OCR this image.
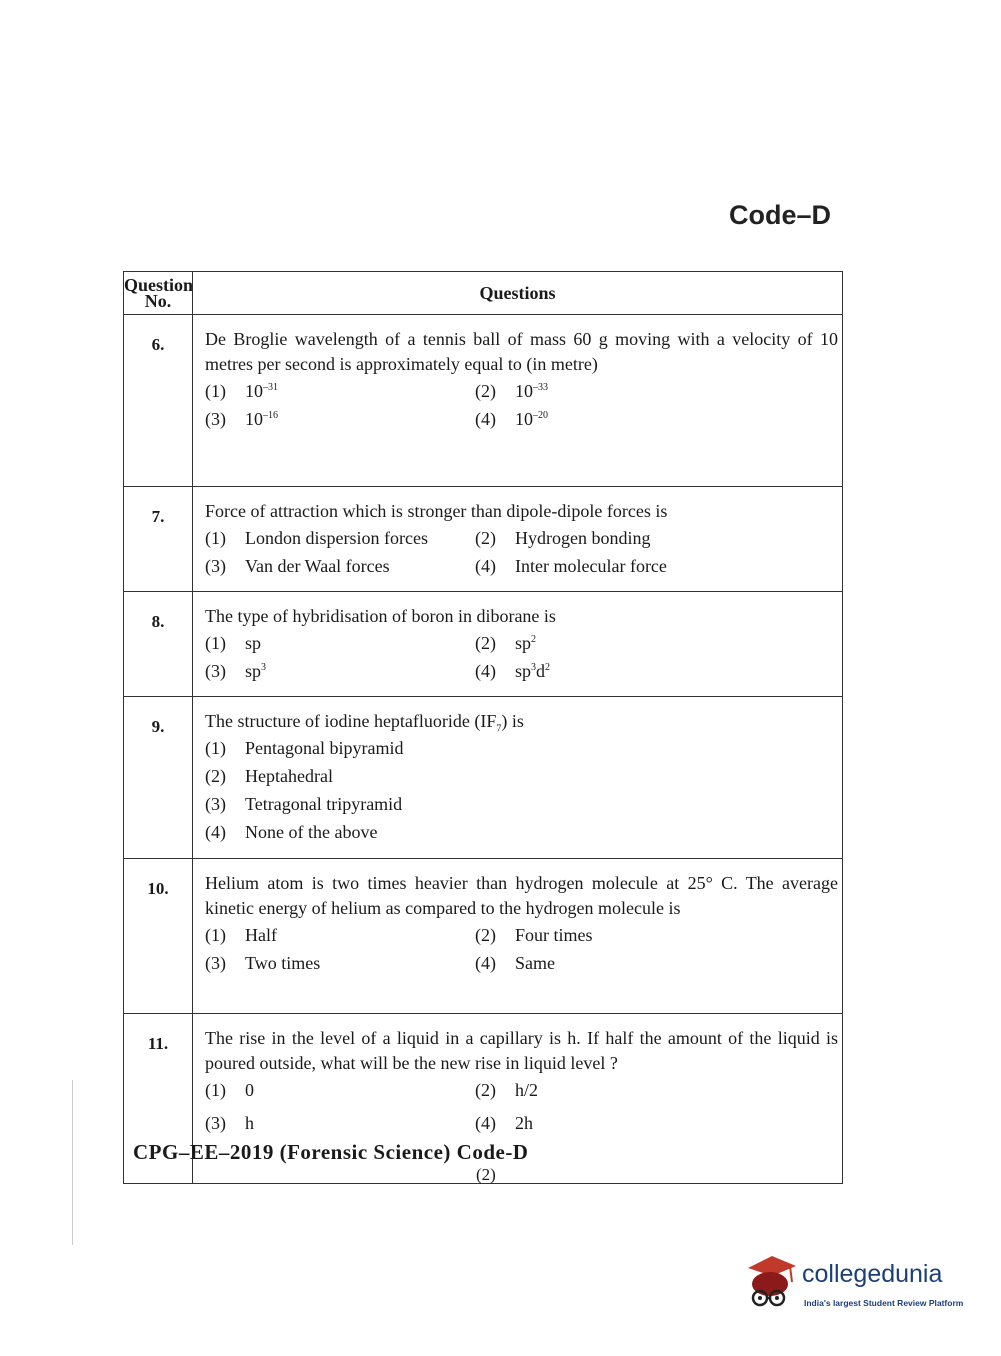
Code–D
Question
No.	Questions
6.	De Broglie wavelength of a tennis ball of mass 60 g moving with a velocity of 10 metres per second is approximately equal to (in metre)
(1) $10^{-31}$ (2) $10^{-33}$
(3) $10^{-16}$ (4) $10^{-20}$

7.	Force of attraction which is stronger than dipole-dipole forces is
(1) London dispersion forces (2) Hydrogen bonding
(3) Van der Waal forces (4) Inter molecular force

8.	The type of hybridisation of boron in diborane is
(1) sp (2) $sp^2$
(3) $sp^3$ (4) $sp^3d^2$

9.	The structure of iodine heptafluoride $(IF_7)$ is
(1) Pentagonal bipyramid
(2) Heptahedral
(3) Tetragonal tripyramid
(4) None of the above

10.	Helium atom is two times heavier than hydrogen molecule at 25° C. The average kinetic energy of helium as compared to the hydrogen molecule is
(1) Half (2) Four times
(3) Two times (4) Same

11.	The rise in the level of a liquid in a capillary is h. If half the amount of the liquid is poured outside, what will be the new rise in liquid level ?
(1) 0 (2) h/2
(3) h (4) 2h
CPG–EE–2019 (Forensic Science) Code-D
(2)
collegedunia
India's largest Student Review Platform
